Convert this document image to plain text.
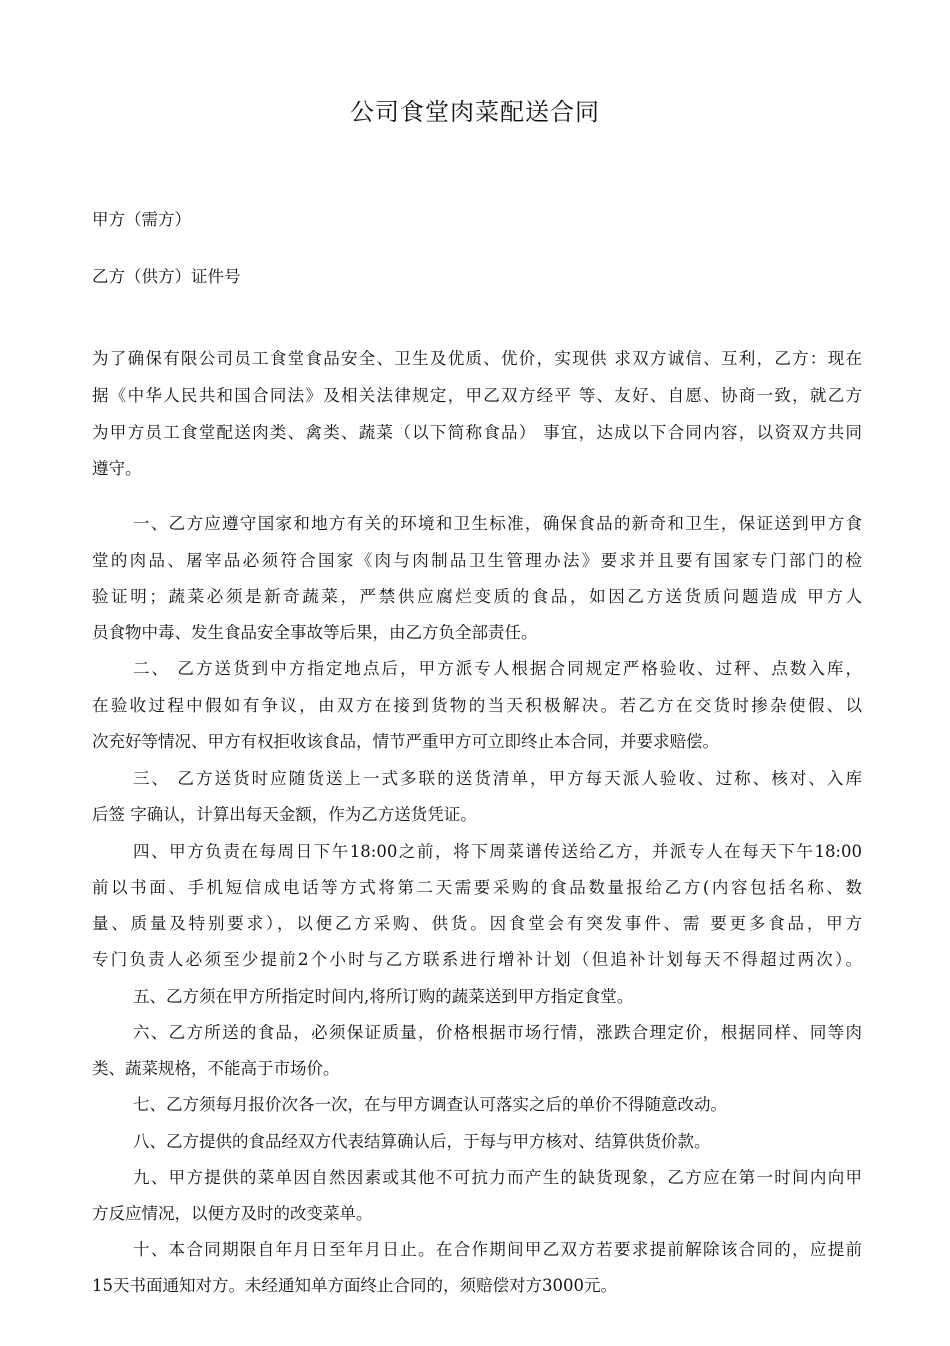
公司食堂肉菜配送合同
甲方（需方）
乙方（供方）证件号
为了确保有限公司员工食堂食品安全、卫生及优质、优价，实现供 求双方诚信、互利，乙方：现在
据《中华人民共和国合同法》及相关法律规定，甲乙双方经平 等、友好、自愿、协商一致，就乙方
为甲方员工食堂配送肉类、禽类、蔬菜（以下简称食品） 事宜，达成以下合同内容，以资双方共同
遵守。
一、乙方应遵守国家和地方有关的环境和卫生标准，确保食品的新奇和卫生，保证送到甲方食
堂的肉品、屠宰品必须符合国家《肉与肉制品卫生管理办法》要求并且要有国家专门部门的检
验证明；蔬菜必须是新奇蔬菜，严禁供应腐烂变质的食品，如因乙方送货质问题造成 甲方人
员食物中毒、发生食品安全事故等后果，由乙方负全部责任。
二、 乙方送货到中方指定地点后，甲方派专人根据合同规定严格验收、过秤、点数入库，
在验收过程中假如有争议，由双方在接到货物的当天积极解决。若乙方在交货时掺杂使假、以
次充好等情况、甲方有权拒收该食品，情节严重甲方可立即终止本合同，并要求赔偿。
三、 乙方送货时应随货送上一式多联的送货清单，甲方每天派人验收、过称、核对、入库
后签 字确认，计算出每天金额，作为乙方送货凭证。
四、甲方负责在每周日下午18:00之前，将下周菜谱传送给乙方，并派专人在每天下午18:00
前以书面、手机短信成电话等方式将第二天需要采购的食品数量报给乙方(内容包括名称、数
量、质量及特别要求），以便乙方采购、供货。因食堂会有突发事件、需 要更多食品，甲方
专门负责人必须至少提前2个小时与乙方联系进行增补计划（但追补计划每天不得超过两次）。
五、乙方须在甲方所指定时间内,将所订购的蔬菜送到甲方指定食堂。
六、乙方所送的食品，必须保证质量，价格根据市场行情，涨跌合理定价，根据同样、同等肉
类、蔬菜规格，不能高于市场价。
七、乙方须每月报价次各一次，在与甲方调查认可落实之后的单价不得随意改动。
八、乙方提供的食品经双方代表结算确认后，于每与甲方核对、结算供货价款。
九、甲方提供的菜单因自然因素或其他不可抗力而产生的缺货现象，乙方应在第一时间内向甲
方反应情况，以便方及时的改变菜单。
十、本合同期限自年月日至年月日止。在合作期间甲乙双方若要求提前解除该合同的，应提前
15天书面通知对方。未经通知单方面终止合同的，须赔偿对方3000元。
